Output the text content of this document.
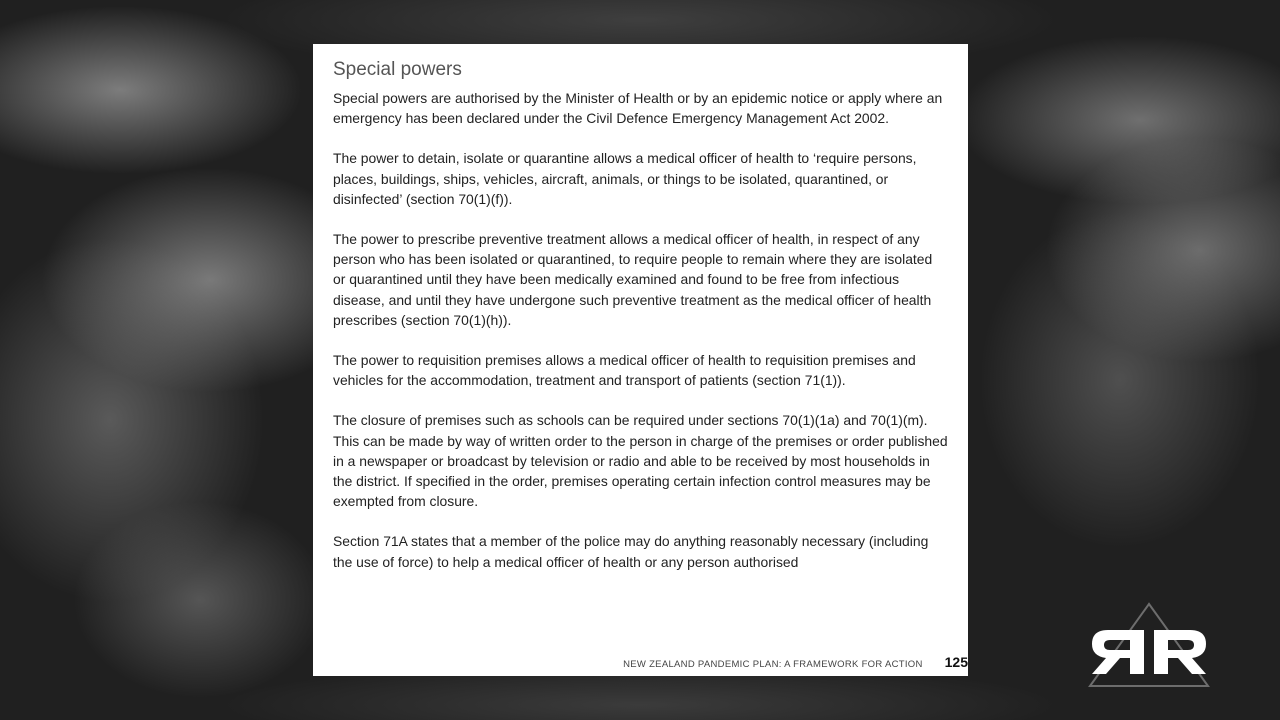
Special powers

Special powers are authorised by the Minister of Health or by an epidemic notice or apply where an emergency has been declared under the Civil Defence Emergency Management Act 2002.

The power to detain, isolate or quarantine allows a medical officer of health to ‘require persons, places, buildings, ships, vehicles, aircraft, animals, or things to be isolated, quarantined, or disinfected’ (section 70(1)(f)).

The power to prescribe preventive treatment allows a medical officer of health, in respect of any person who has been isolated or quarantined, to require people to remain where they are isolated or quarantined until they have been medically examined and found to be free from infectious disease, and until they have undergone such preventive treatment as the medical officer of health prescribes (section 70(1)(h)).

The power to requisition premises allows a medical officer of health to requisition premises and vehicles for the accommodation, treatment and transport of patients (section 71(1)).

The closure of premises such as schools can be required under sections 70(1)(1a) and 70(1)(m). This can be made by way of written order to the person in charge of the premises or order published in a newspaper or broadcast by television or radio and able to be received by most households in the district. If specified in the order, premises operating certain infection control measures may be exempted from closure.

Section 71A states that a member of the police may do anything reasonably necessary (including the use of force) to help a medical officer of health or any person authorised

NEW ZEALAND PANDEMIC PLAN: A FRAMEWORK FOR ACTION 125
